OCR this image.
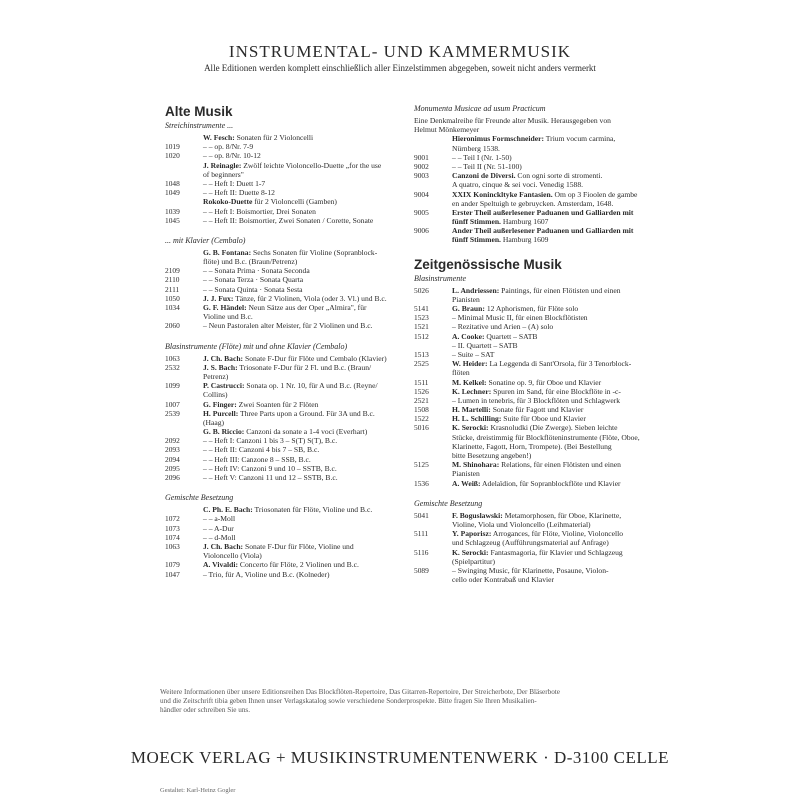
INSTRUMENTAL- UND KAMMERMUSIK
Alle Editionen werden komplett einschließlich aller Einzelstimmen abgegeben, soweit nicht anders vermerkt
Alte Musik
Streichinstrumente ...
W. Fesch: Sonaten für 2 Violoncelli
1019	– – op. 8/Nr. 7-9
1020	– – op. 8/Nr. 10-12
J. Reinagle: Zwölf leichte Violoncello-Duette „for the use
of beginners"
1048	– – Heft I: Duett 1-7
1049	– – Heft II: Duette 8-12
Rokoko-Duette für 2 Violoncelli (Gamben)
1039	– – Heft I: Boismortier, Drei Sonaten
1045	– – Heft II: Boismortier, Zwei Sonaten / Corette, Sonate
... mit Klavier (Cembalo)
G. B. Fontana: Sechs Sonaten für Violine (Sopranblock-
flöte) und B.c. (Braun/Petrenz)
2109	– – Sonata Prima · Sonata Seconda
2110	– – Sonata Terza · Sonata Quarta
2111	– – Sonata Quinta · Sonata Sesta
1050	J. J. Fux: Tänze, für 2 Violinen, Viola (oder 3. Vl.) und B.c.
1034	G. F. Händel: Neun Sätze aus der Oper „Almira", für
Violine und B.c.
2060	– Neun Pastoralen alter Meister, für 2 Violinen und B.c.
Blasinstrumente (Flöte) mit und ohne Klavier (Cembalo)
1063	J. Ch. Bach: Sonate F-Dur für Flöte und Cembalo (Klavier)
2532	J. S. Bach: Triosonate F-Dur für 2 Fl. und B.c. (Braun/
Petrenz)
1099	P. Castrucci: Sonata op. 1 Nr. 10, für A und B.c. (Reyne/
Collins)
1007	G. Finger: Zwei Soanten für 2 Flöten
2539	H. Purcell: Three Parts upon a Ground. Für 3A und B.c.
(Haag)
G. B. Riccio: Canzoni da sonate a 1-4 voci (Everhart)
2092	– – Heft I: Canzoni 1 bis 3 – S(T) S(T), B.c.
2093	– – Heft II: Canzoni 4 bis 7 – SB, B.c.
2094	– – Heft III: Canzone 8 – SSB, B.c.
2095	– – Heft IV: Canzoni 9 und 10 – SSTB, B.c.
2096	– – Heft V: Canzoni 11 und 12 – SSTB, B.c.
Gemischte Besetzung
C. Ph. E. Bach: Triosonaten für Flöte, Violine und B.c.
1072	– – a-Moll
1073	– – A-Dur
1074	– – d-Moll
1063	J. Ch. Bach: Sonate F-Dur für Flöte, Violine und
Violoncello (Viola)
1079	A. Vivaldi: Concerto für Flöte, 2 Violinen und B.c.
1047	– Trio, für A, Violine und B.c. (Kolneder)
Monumenta Musicae ad usum Practicum
Eine Denkmalreihe für Freunde alter Musik. Herausgegeben von
Helmut Mönkemeyer
Hieronimus Formschneider: Trium vocum carmina,
Nürnberg 1538.
9001	– – Teil I (Nr. 1-50)
9002	– – Teil II (Nr. 51-100)
9003	Canzoni de Diversi. Con ogni sorte di stromenti.
A quatro, cinque & sei voci. Venedig 1588.
9004	XXIX Koninckltyke Fantasien. Om op 3 Fioolen de gambe
en ander Speltuigh te gebruycken. Amsterdam, 1648.
9005	Erster Theil außerlesener Paduanen und Galliarden mit
fünff Stimmen. Hamburg 1607
9006	Ander Theil außerlesener Paduanen und Galliarden mit
fünff Stimmen. Hamburg 1609
Zeitgenössische Musik
Blasinstrumente
5026	L. Andriessen: Paintings, für einen Flötisten und einen
Pianisten
5141	G. Braun: 12 Aphorismen, für Flöte solo
1523	– Minimal Music II, für einen Blockflötisten
1521	– Rezitative und Arien – (A) solo
1512	A. Cooke: Quartett – SATB
– II. Quartett – SATB
1513	– Suite – SAT
2525	W. Heider: La Leggenda di Sant'Orsola, für 3 Tenorblock-
flöten
1511	M. Kelkel: Sonatine op. 9, für Oboe und Klavier
1526	K. Lechner: Spuren im Sand, für eine Blockflöte in -c-
2521	– Lumen in tenebris, für 3 Blockflöten und Schlagwerk
1508	H. Martelli: Sonate für Fagott und Klavier
1522	H. L. Schilling: Suite für Oboe und Klavier
5016	K. Serocki: Krasnoludki (Die Zwerge). Sieben leichte
Stücke, dreistimmig für Blockflöteninstrumente (Flöte, Oboe,
Klarinette, Fagott, Horn, Trompete). (Bei Bestellung
bitte Besetzung angeben!)
5125	M. Shinohara: Relations, für einen Flötisten und einen
Pianisten
1536	A. Weiß: Adelaïdion, für Sopranblockflöte und Klavier
Gemischte Besetzung
5041	F. Boguslawski: Metamorphosen, für Oboe, Klarinette,
Violine, Viola und Violoncello (Leihmaterial)
5111	Y. Paporisz: Arrogances, für Flöte, Violine, Violoncello
und Schlagzeug (Aufführungsmaterial auf Anfrage)
5116	K. Serocki: Fantasmagoria, für Klavier und Schlagzeug
(Spielpartitur)
5089	– Swinging Music, für Klarinette, Posaune, Violon-
cello oder Kontrabaß und Klavier
Weitere Informationen über unsere Editionsreihen Das Blockflöten-Repertoire, Das Gitarren-Repertoire, Der Streicherbote, Der Bläserbote
und die Zeitschrift tibia geben Ihnen unser Verlagskatalog sowie verschiedene Sonderprospekte. Bitte fragen Sie Ihren Musikalien-
händler oder schreiben Sie uns.
MOECK VERLAG + MUSIKINSTRUMENTENWERK · D-3100 CELLE
Gestaltet: Karl-Heinz Gogler
